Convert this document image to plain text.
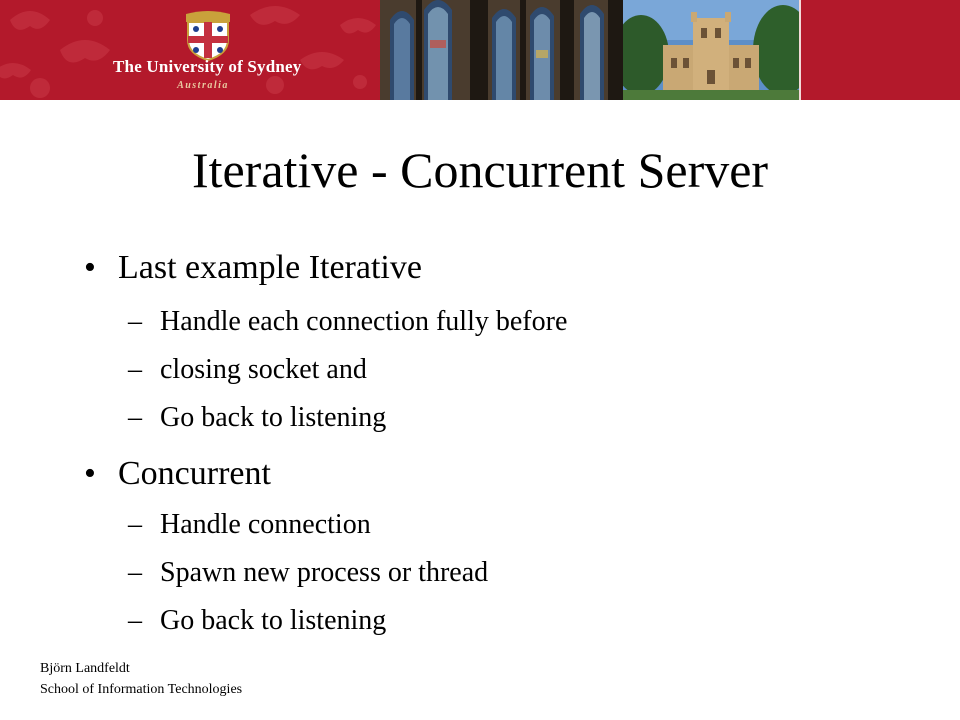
The University of Sydney
Australia
Iterative - Concurrent Server
• Last example Iterative
– Handle each connection fully before
– closing socket and
– Go back to listening
• Concurrent
– Handle connection
– Spawn new process or thread
– Go back to listening
Björn Landfeldt
School of Information Technologies
